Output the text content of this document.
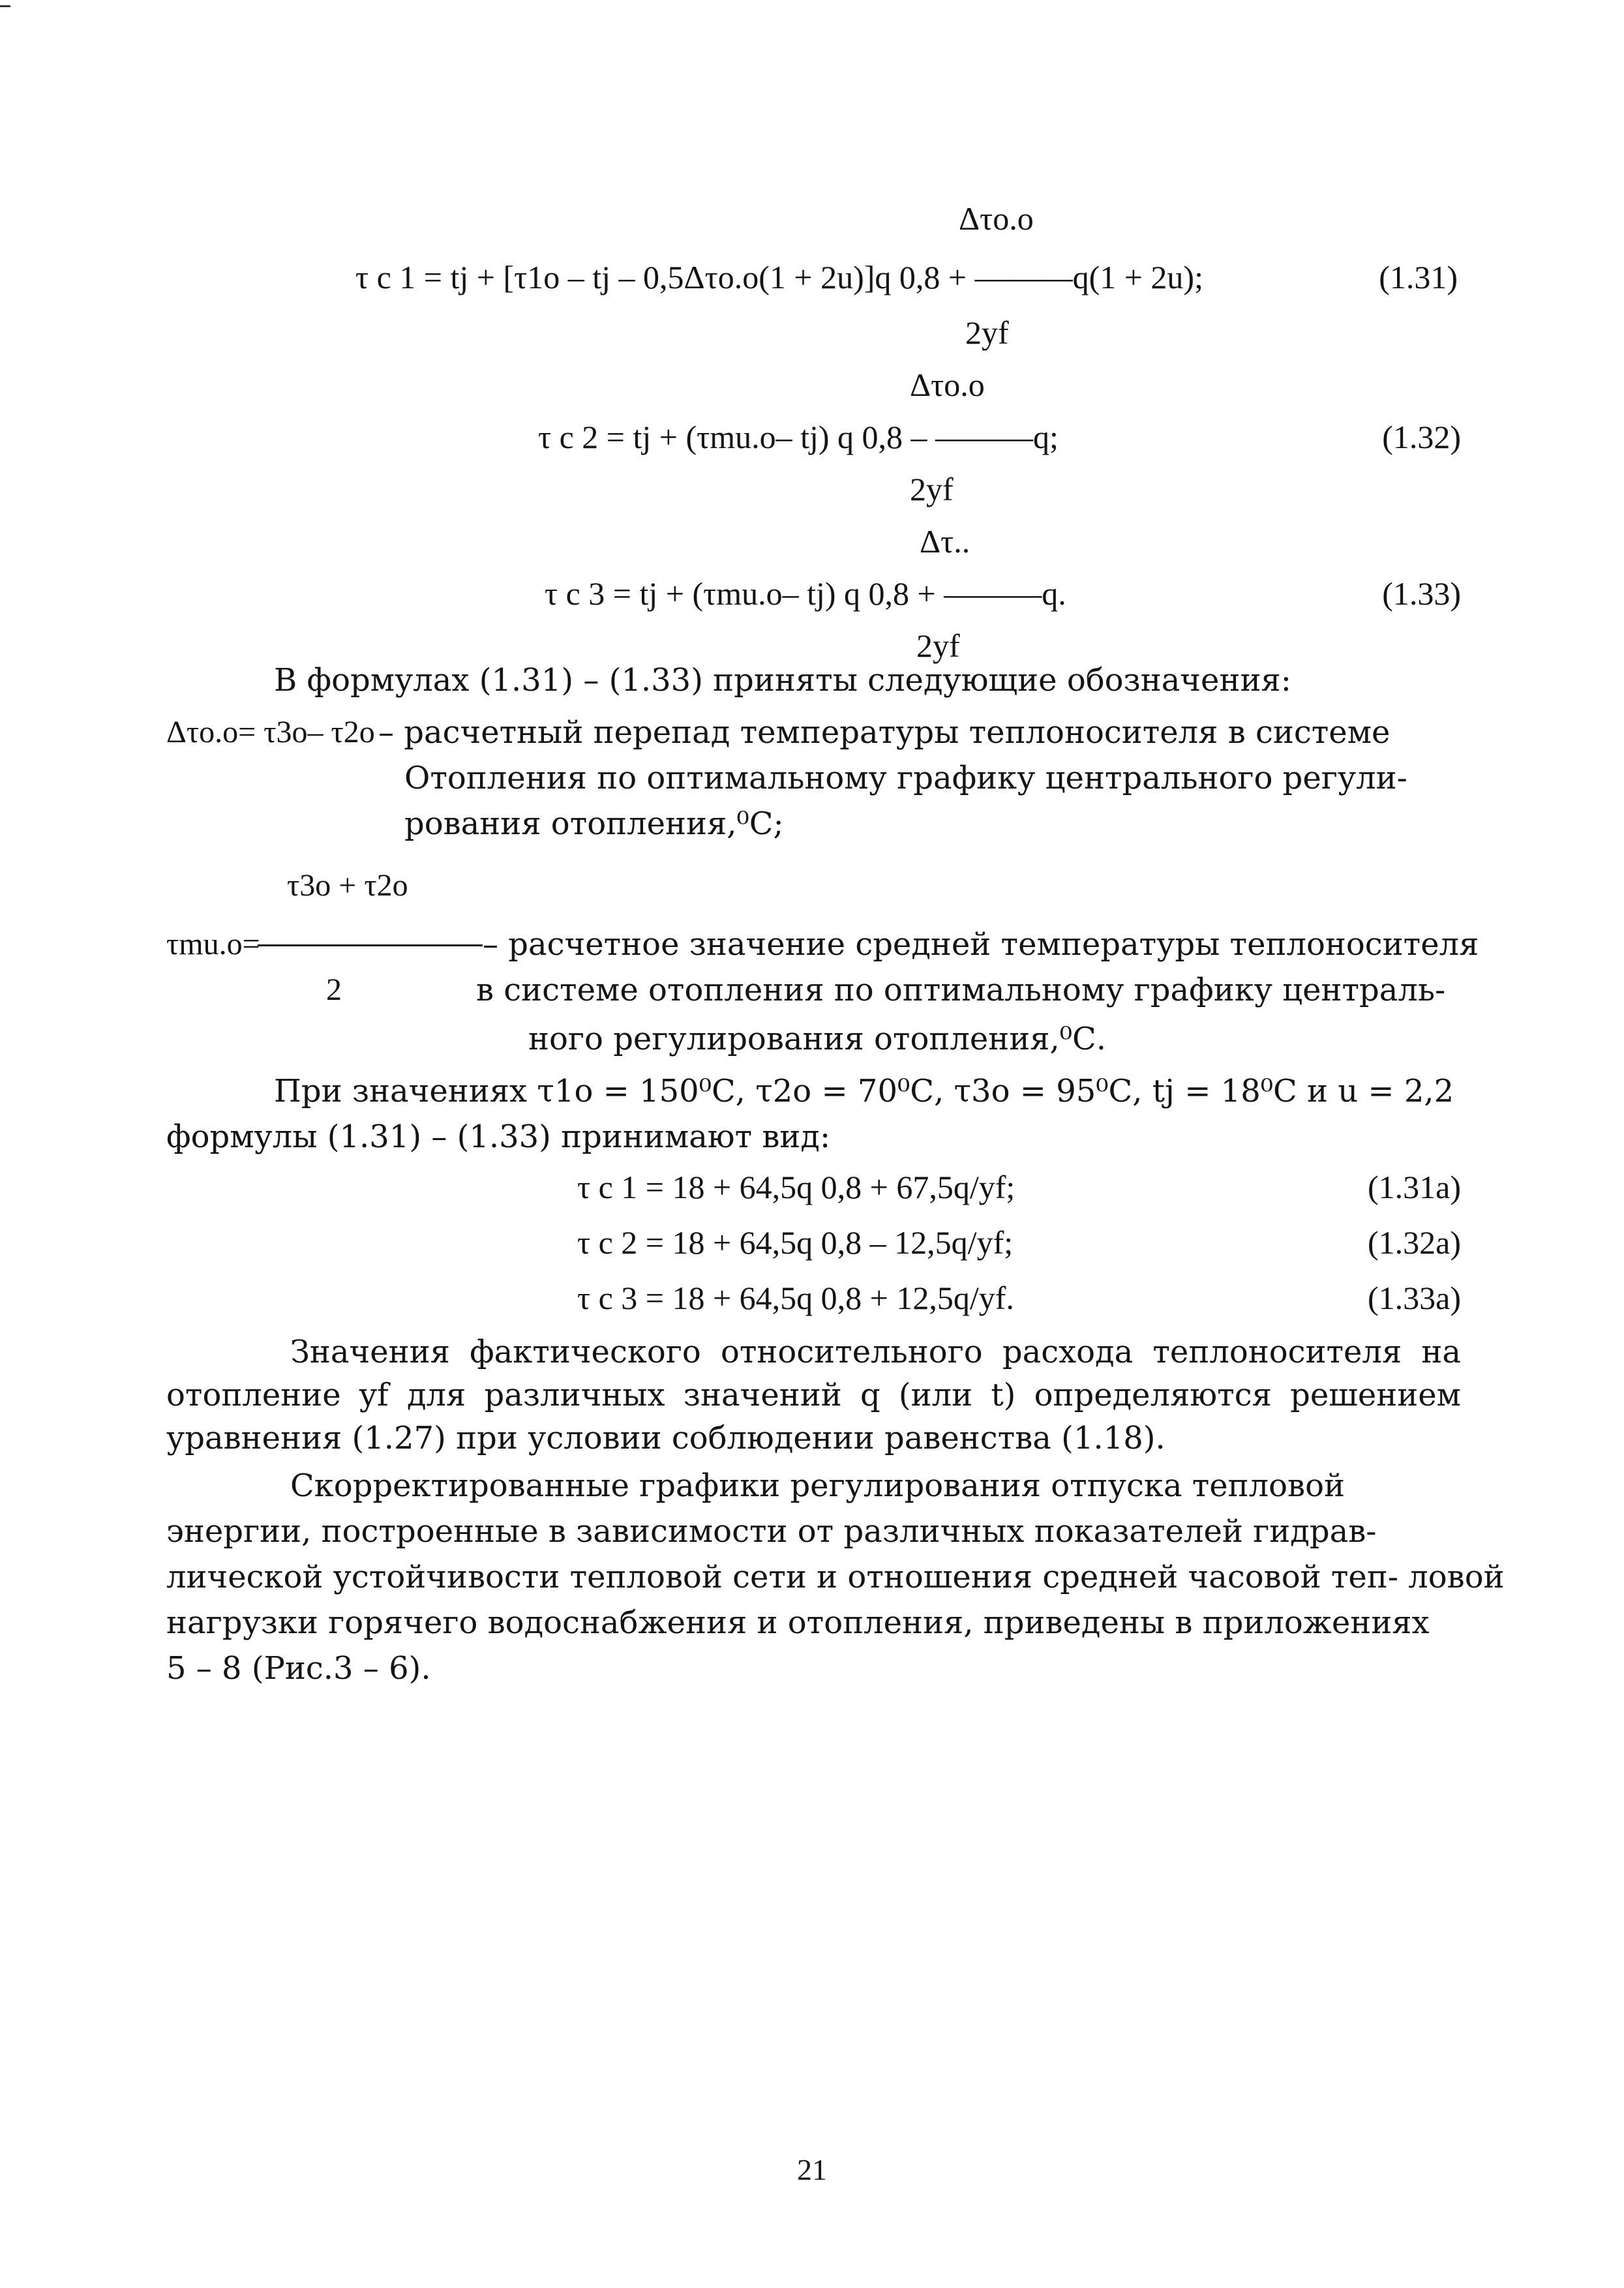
Δτо.о
τ с 1 = tj + [τ1о – tj – 0,5Δτо.о(1 + 2u)]q 0,8 + ———q(1 + 2u);	(1.31)
2yf
Δτо.о
τ с 2 = tj + (τmu.о– tj) q 0,8 – ———q;	(1.32)
2yf
Δτ..
τ с 3 = tj + (τmu.о– tj) q 0,8 + ———q.	(1.33)
2yf
В формулах (1.31) – (1.33) приняты следующие обозначения:
Δτо.о= τ3о– τ2о – расчетный перепад температуры теплоносителя в системе
Отопления по оптимальному графику центрального регули-
рования отопления,⁰С;
τ3о + τ2о
τmu.о=	– расчетное значение средней температуры теплоносителя
2	в системе отопления по оптимальному графику централь-
ного регулирования отопления,⁰С.
При значениях τ1о = 150⁰С, τ2о = 70⁰С, τ3о = 95⁰С, tj = 18⁰С и u = 2,2
формулы (1.31) – (1.33) принимают вид:
τ с 1 = 18 + 64,5q 0,8 + 67,5q/yf;	(1.31а)
τ с 2 = 18 + 64,5q 0,8 – 12,5q/yf;	(1.32а)
τ с 3 = 18 + 64,5q 0,8 + 12,5q/yf.	(1.33а)
Значения фактического относительного расхода теплоносителя на отопление yf для различных значений q (или t) определяются решением уравнения (1.27) при условии соблюдении равенства (1.18).
Скорректированные графики регулирования отпуска тепловой
энергии, построенные в зависимости от различных показателей гидрав-
лической устойчивости тепловой сети и отношения средней часовой теп- ловой
нагрузки горячего водоснабжения и отопления, приведены в приложениях
5 – 8 (Рис.3 – 6).
21
